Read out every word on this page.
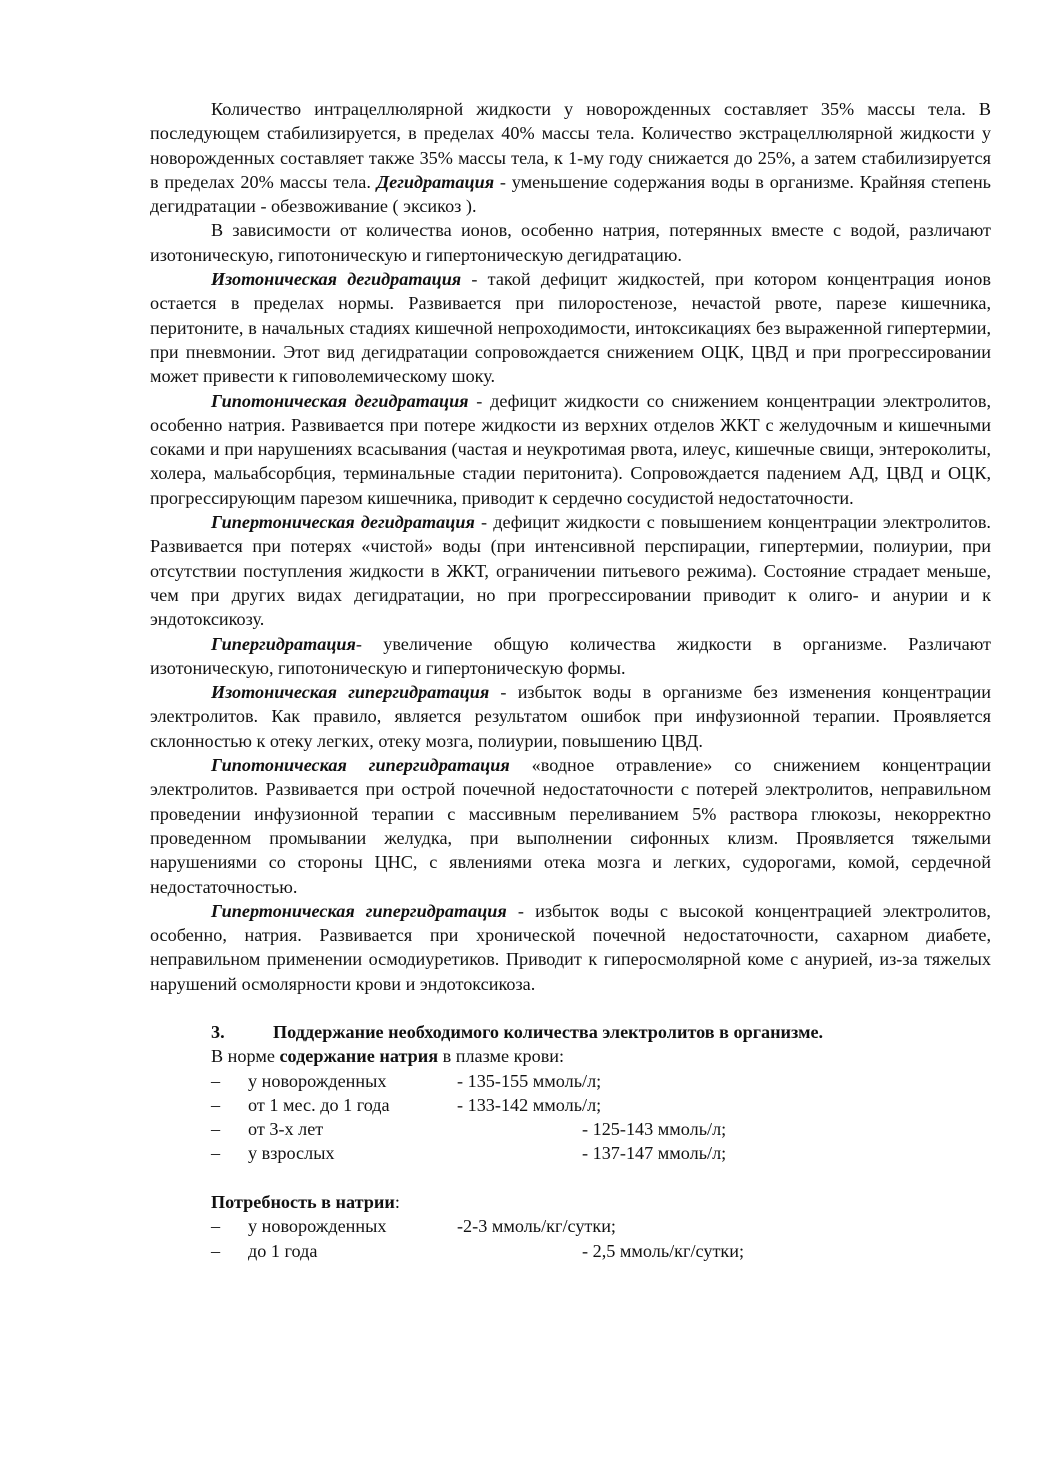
Количество интрацеллюлярной жидкости у новорожденных составляет 35% массы тела. В последующем стабилизируется, в пределах 40% массы тела. Количество экстрацеллюлярной жидкости у новорожденных составляет также 35% массы тела, к 1-му году снижается до 25%, а затем стабилизируется в пределах 20% массы тела. Дегидратация - уменьшение содержания воды в организме. Крайняя степень дегидратации - обезвоживание ( эксикоз ).

В зависимости от количества ионов, особенно натрия, потерянных вместе с водой, различают изотоническую, гипотоническую и гипертоническую дегидратацию.

Изотоническая дегидратация - такой дефицит жидкостей, при котором концентрация ионов остается в пределах нормы. Развивается при пилоростенозе, нечастой рвоте, парезе кишечника, перитоните, в начальных стадиях кишечной непроходимости, интоксикациях без выраженной гипертермии, при пневмонии. Этот вид дегидратации сопровождается снижением ОЦК, ЦВД и при прогрессировании может привести к гиповолемическому шоку.

Гипотоническая дегидратация - дефицит жидкости со снижением концентрации электролитов, особенно натрия. Развивается при потере жидкости из верхних отделов ЖКТ с желудочным и кишечными соками и при нарушениях всасывания (частая и неукротимая рвота, илеус, кишечные свищи, энтероколиты, холера, мальабсорбция, терминальные стадии перитонита). Сопровождается падением АД, ЦВД и ОЦК, прогрессирующим парезом кишечника, приводит к сердечно сосудистой недостаточности.

Гипертоническая дегидратация - дефицит жидкости с повышением концентрации электролитов. Развивается при потерях «чистой» воды (при интенсивной перспирации, гипертермии, полиурии, при отсутствии поступления жидкости в ЖКТ, ограничении питьевого режима). Состояние страдает меньше, чем при других видах дегидратации, но при прогрессировании приводит к олиго- и анурии и к эндотоксикозу.

Гипергидратация- увеличение общую количества жидкости в организме. Различают изотоническую, гипотоническую и гипертоническую формы.

Изотоническая гипергидратация - избыток воды в организме без изменения концентрации электролитов. Как правило, является результатом ошибок при инфузионной терапии. Проявляется склонностью к отеку легких, отеку мозга, полиурии, повышению ЦВД.

Гипотоническая гипергидратация «водное отравление» со снижением концентрации электролитов. Развивается при острой почечной недостаточности с потерей электролитов, неправильном проведении инфузионной терапии с массивным переливанием 5% раствора глюкозы, некорректно проведенном промывании желудка, при выполнении сифонных клизм. Проявляется тяжелыми нарушениями со стороны ЦНС, с явлениями отека мозга и легких, судорогами, комой, сердечной недостаточностью.

Гипертоническая гипергидратация - избыток воды с высокой концентрацией электролитов, особенно, натрия. Развивается при хронической почечной недостаточности, сахарном диабете, неправильном применении осмодиуретиков. Приводит к гиперосмолярной коме с анурией, из-за тяжелых нарушений осмолярности крови и эндотоксикоза.

3.	Поддержание необходимого количества электролитов в организме.

В норме содержание натрия в плазме крови:

– у новорожденных	- 135-155 ммоль/л;
– от 1 мес. до 1 года	- 133-142 ммоль/л;
– от 3-х лет	- 125-143 ммоль/л;
– у взрослых	- 137-147 ммоль/л;

Потребность в натрии:

– у новорожденных	-2-3 ммоль/кг/сутки;
– до 1 года	- 2,5 ммоль/кг/сутки;
